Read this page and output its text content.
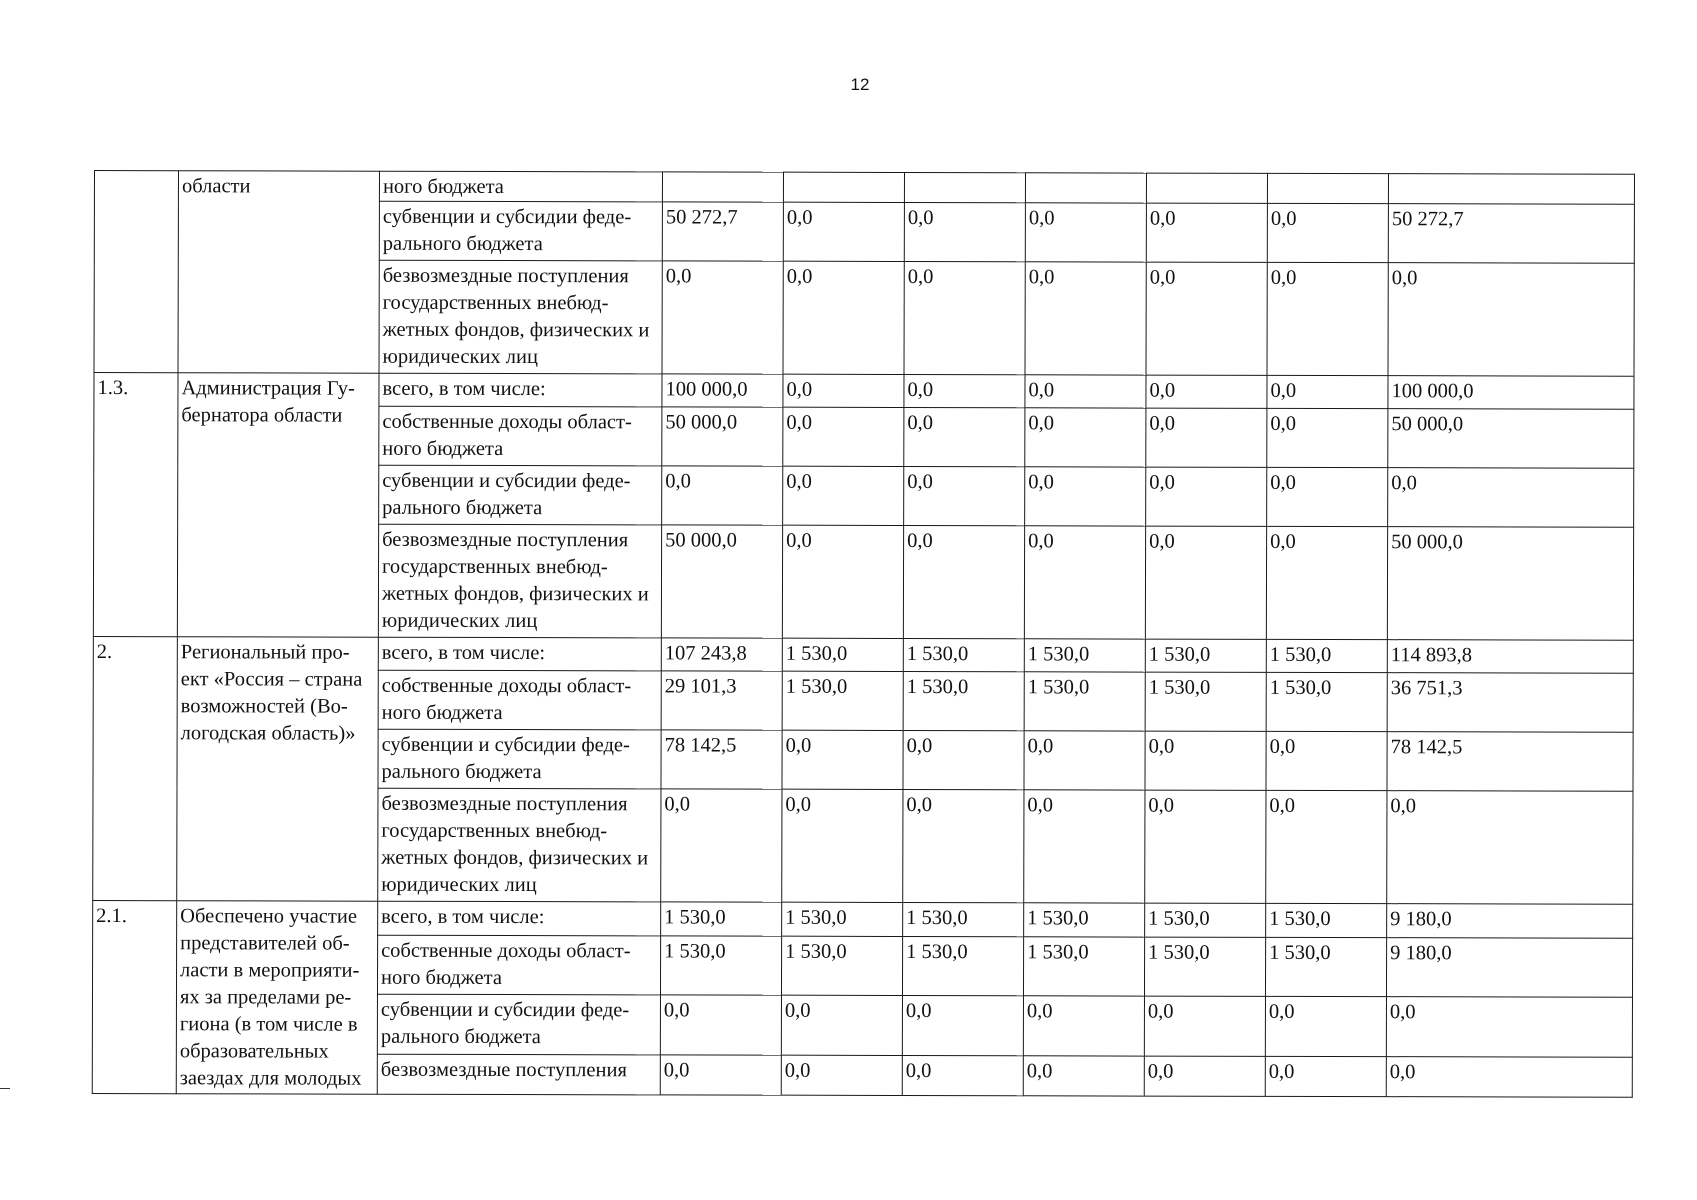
12
	области	ного бюджета							
		субвенции и субсидии феде-рального бюджета	50 272,7	0,0	0,0	0,0	0,0	0,0	50 272,7
		безвозмездные поступления государственных внебюд-жетных фондов, физических и юридических лиц	0,0	0,0	0,0	0,0	0,0	0,0	0,0
1.3.	Администрация Гу-бернатора области	всего, в том числе:	100 000,0	0,0	0,0	0,0	0,0	0,0	100 000,0
		собственные доходы област-ного бюджета	50 000,0	0,0	0,0	0,0	0,0	0,0	50 000,0
		субвенции и субсидии феде-рального бюджета	0,0	0,0	0,0	0,0	0,0	0,0	0,0
		безвозмездные поступления государственных внебюд-жетных фондов, физических и юридических лиц	50 000,0	0,0	0,0	0,0	0,0	0,0	50 000,0
2.	Региональный про-ект «Россия – страна возможностей (Во-логодская область)»	всего, в том числе:	107 243,8	1 530,0	1 530,0	1 530,0	1 530,0	1 530,0	114 893,8
		собственные доходы област-ного бюджета	29 101,3	1 530,0	1 530,0	1 530,0	1 530,0	1 530,0	36 751,3
		субвенции и субсидии феде-рального бюджета	78 142,5	0,0	0,0	0,0	0,0	0,0	78 142,5
		безвозмездные поступления государственных внебюд-жетных фондов, физических и юридических лиц	0,0	0,0	0,0	0,0	0,0	0,0	0,0
2.1.	Обеспечено участие представителей об-ласти в мероприяти-ях за пределами ре-гиона (в том числе в образовательных заездах для молодых	всего, в том числе:	1 530,0	1 530,0	1 530,0	1 530,0	1 530,0	1 530,0	9 180,0
		собственные доходы област-ного бюджета	1 530,0	1 530,0	1 530,0	1 530,0	1 530,0	1 530,0	9 180,0
		субвенции и субсидии феде-рального бюджета	0,0	0,0	0,0	0,0	0,0	0,0	0,0
		безвозмездные поступления	0,0	0,0	0,0	0,0	0,0	0,0	0,0
